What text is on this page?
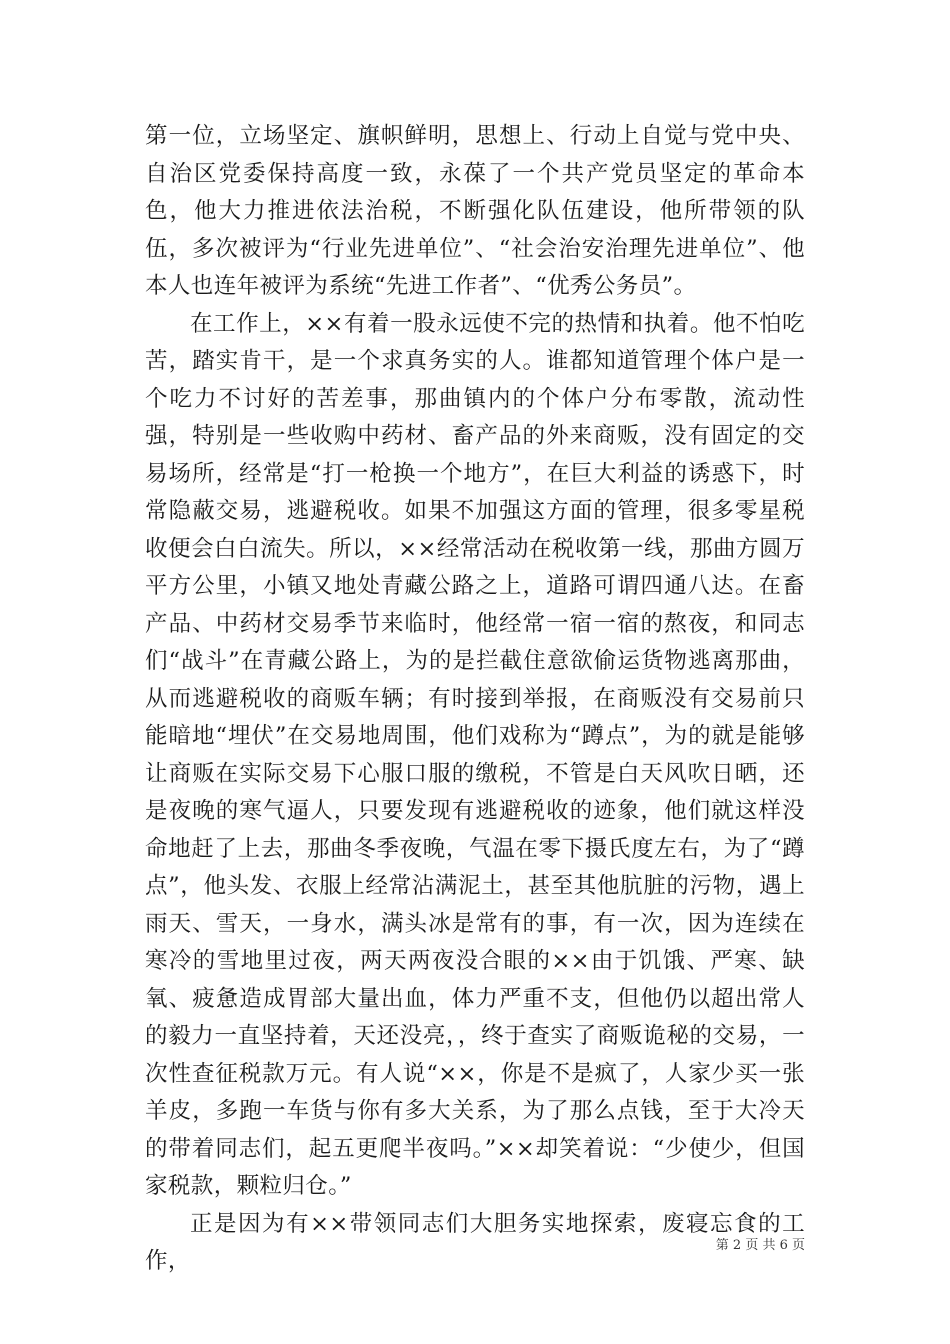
第一位，立场坚定、旗帜鲜明，思想上、行动上自觉与党中央、自治区党委保持高度一致，永葆了一个共产党员坚定的革命本色，他大力推进依法治税，不断强化队伍建设，他所带领的队伍，多次被评为“行业先进单位”、“社会治安治理先进单位”、他本人也连年被评为系统“先进工作者”、“优秀公务员”。

在工作上，××有着一股永远使不完的热情和执着。他不怕吃苦，踏实肯干，是一个求真务实的人。谁都知道管理个体户是一个吃力不讨好的苦差事，那曲镇内的个体户分布零散，流动性强，特别是一些收购中药材、畜产品的外来商贩，没有固定的交易场所，经常是“打一枪换一个地方”，在巨大利益的诱惑下，时常隐蔽交易，逃避税收。如果不加强这方面的管理，很多零星税收便会白白流失。所以，××经常活动在税收第一线，那曲方圆万平方公里，小镇又地处青藏公路之上，道路可谓四通八达。在畜产品、中药材交易季节来临时，他经常一宿一宿的熬夜，和同志们“战斗”在青藏公路上，为的是拦截住意欲偷运货物逃离那曲，从而逃避税收的商贩车辆；有时接到举报，在商贩没有交易前只能暗地“埋伏”在交易地周围，他们戏称为“蹲点”，为的就是能够让商贩在实际交易下心服口服的缴税，不管是白天风吹日晒，还是夜晚的寒气逼人，只要发现有逃避税收的迹象，他们就这样没命地赶了上去，那曲冬季夜晚，气温在零下摄氏度左右，为了“蹲点”，他头发、衣服上经常沾满泥土，甚至其他肮脏的污物，遇上雨天、雪天，一身水，满头冰是常有的事，有一次，因为连续在寒冷的雪地里过夜，两天两夜没合眼的××由于饥饿、严寒、缺氧、疲惫造成胃部大量出血，体力严重不支，但他仍以超出常人的毅力一直坚持着，天还没亮，，终于查实了商贩诡秘的交易，一次性查征税款万元。有人说“××，你是不是疯了，人家少买一张羊皮，多跑一车货与你有多大关系，为了那么点钱，至于大冷天的带着同志们，起五更爬半夜吗。”××却笑着说：“少使少，但国家税款，颗粒归仓。”

正是因为有××带领同志们大胆务实地探索，废寝忘食的工作，

第 2 页 共 6 页
